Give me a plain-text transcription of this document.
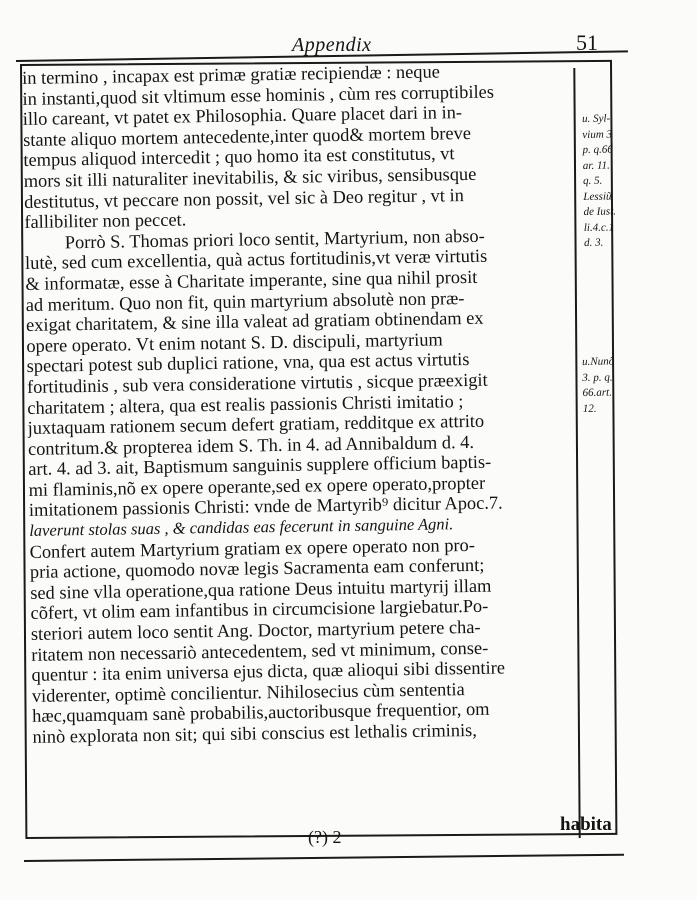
Appendix	51
in termino , incapax est primæ gratiæ recipiendæ : neque
in instanti,quod sit vltimum esse hominis , cùm res corruptibiles
illo careant, vt patet ex Philosophia. Quare placet dari in in-
stante aliquo mortem antecedente,inter quod& mortem breve
tempus aliquod intercedit ; quo homo ita est constitutus, vt
mors sit illi naturaliter inevitabilis, & sic viribus, sensibusque
destitutus, vt peccare non possit, vel sic à Deo regitur , vt in
fallibiliter non peccet.
Porrò S. Thomas priori loco sentit, Martyrium, non abso-
lutè, sed cum excellentia, quà actus fortitudinis,vt veræ virtutis
& informatæ, esse à Charitate imperante, sine qua nihil prosit
ad meritum. Quo non fit, quin martyrium absolutè non præ-
exigat charitatem, & sine illa valeat ad gratiam obtinendam ex
opere operato. Vt enim notant S. D. discipuli, martyrium
spectari potest sub duplici ratione, vna, qua est actus virtutis
fortitudinis , sub vera consideratione virtutis , sicque præexigit
charitatem ; altera, qua est realis passionis Christi imitatio ;
juxtaquam rationem secum defert gratiam, redditque ex attrito
contritum.& propterea idem S. Th. in 4. ad Annibaldum d. 4.
art. 4. ad 3. ait, Baptismum sanguinis supplere officium baptis-
mi flaminis,nõ ex opere operante,sed ex opere operato,propter
imitationem passionis Christi: vnde de Martyrib⁹ dicitur Apoc.7.
laverunt stolas suas , & candidas eas fecerunt in sanguine Agni.
Confert autem Martyrium gratiam ex opere operato non pro-
pria actione, quomodo novæ legis Sacramenta eam conferunt;
sed sine vlla operatione,qua ratione Deus intuitu martyrij illam
cõfert, vt olim eam infantibus in circumcisione largiebatur.Po-
steriori autem loco sentit Ang. Doctor, martyrium petere cha-
ritatem non necessariò antecedentem, sed vt minimum, conse-
quentur : ita enim universa ejus dicta, quæ alioqui sibi dissentire
viderenter, optimè concilientur. Nihilosecius cùm sententia
hæc,quamquam sanè probabilis,auctoribusque frequentior, om
ninò explorata non sit; qui sibi conscius est lethalis criminis,
u. Syl-
vium 3
p. q.66
ar. 11.
q. 5.
Lessiũ
de Iust.
li.4.c.1
d. 3.
u.Nunõ
3. p. q.
66.art.
12.
(?) 2
habita
